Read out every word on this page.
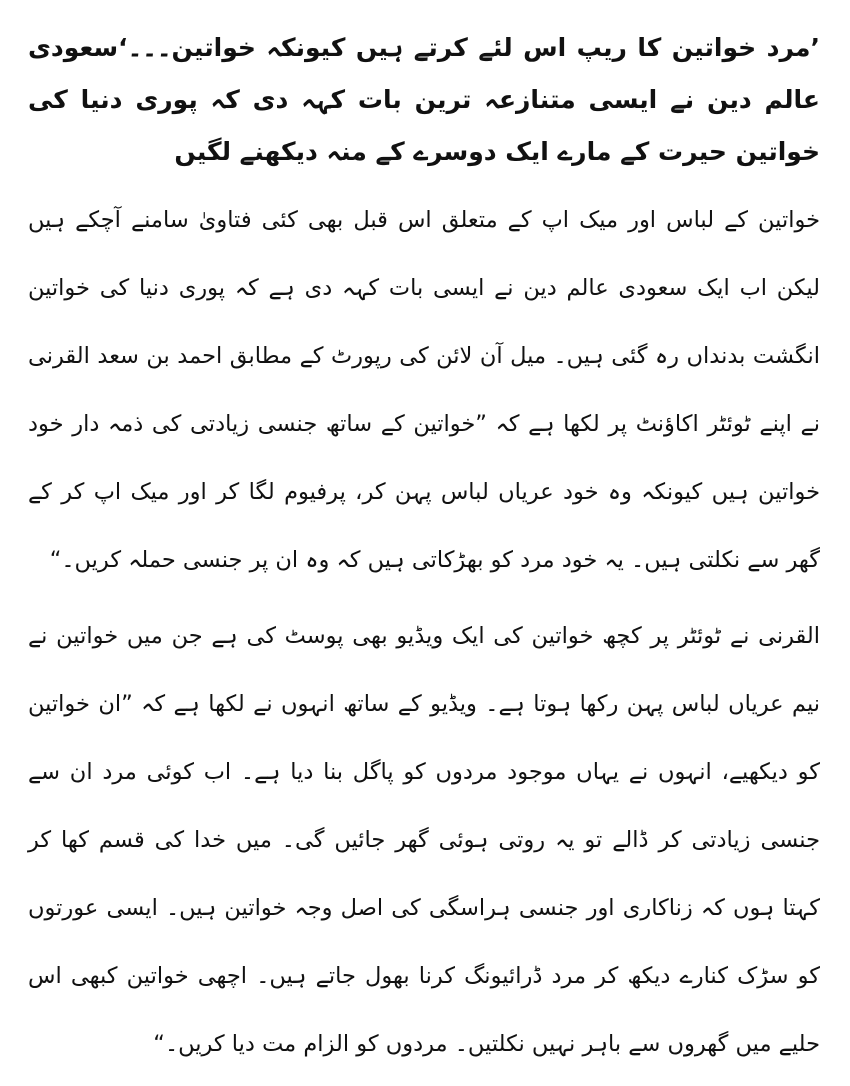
’مرد خواتین کا ریپ اس لئے کرتے ہیں کیونکہ خواتین۔۔۔‘سعودی عالم دین نے ایسی متنازعہ ترین بات کہہ دی کہ پوری دنیا کی خواتین حیرت کے مارے ایک دوسرے کے منہ دیکھنے لگیں

خواتین کے لباس اور میک اپ کے متعلق اس قبل بھی کئی فتاویٰ سامنے آچکے ہیں لیکن اب ایک سعودی عالم دین نے ایسی بات کہہ دی ہے کہ پوری دنیا کی خواتین انگشت بدنداں رہ گئی ہیں۔ میل آن لائن کی رپورٹ کے مطابق احمد بن سعد القرنی نے اپنے ٹوئٹر اکاؤنٹ پر لکھا ہے کہ ”خواتین کے ساتھ جنسی زیادتی کی ذمہ دار خود خواتین ہیں کیونکہ وہ خود عریاں لباس پہن کر، پرفیوم لگا کر اور میک اپ کر کے گھر سے نکلتی ہیں۔ یہ خود مرد کو بھڑکاتی ہیں کہ وہ ان پر جنسی حملہ کریں۔“

القرنی نے ٹوئٹر پر کچھ خواتین کی ایک ویڈیو بھی پوسٹ کی ہے جن میں خواتین نے نیم عریاں لباس پہن رکھا ہوتا ہے۔ ویڈیو کے ساتھ انہوں نے لکھا ہے کہ ”ان خواتین کو دیکھیے، انہوں نے یہاں موجود مردوں کو پاگل بنا دیا ہے۔ اب کوئی مرد ان سے جنسی زیادتی کر ڈالے تو یہ روتی ہوئی گھر جائیں گی۔ میں خدا کی قسم کھا کر کہتا ہوں کہ زناکاری اور جنسی ہراسگی کی اصل وجہ خواتین ہیں۔ ایسی عورتوں کو سڑک کنارے دیکھ کر مرد ڈرائیونگ کرنا بھول جاتے ہیں۔ اچھی خواتین کبھی اس حلیے میں گھروں سے باہر نہیں نکلتیں۔ مردوں کو الزام مت دیا کریں۔“
